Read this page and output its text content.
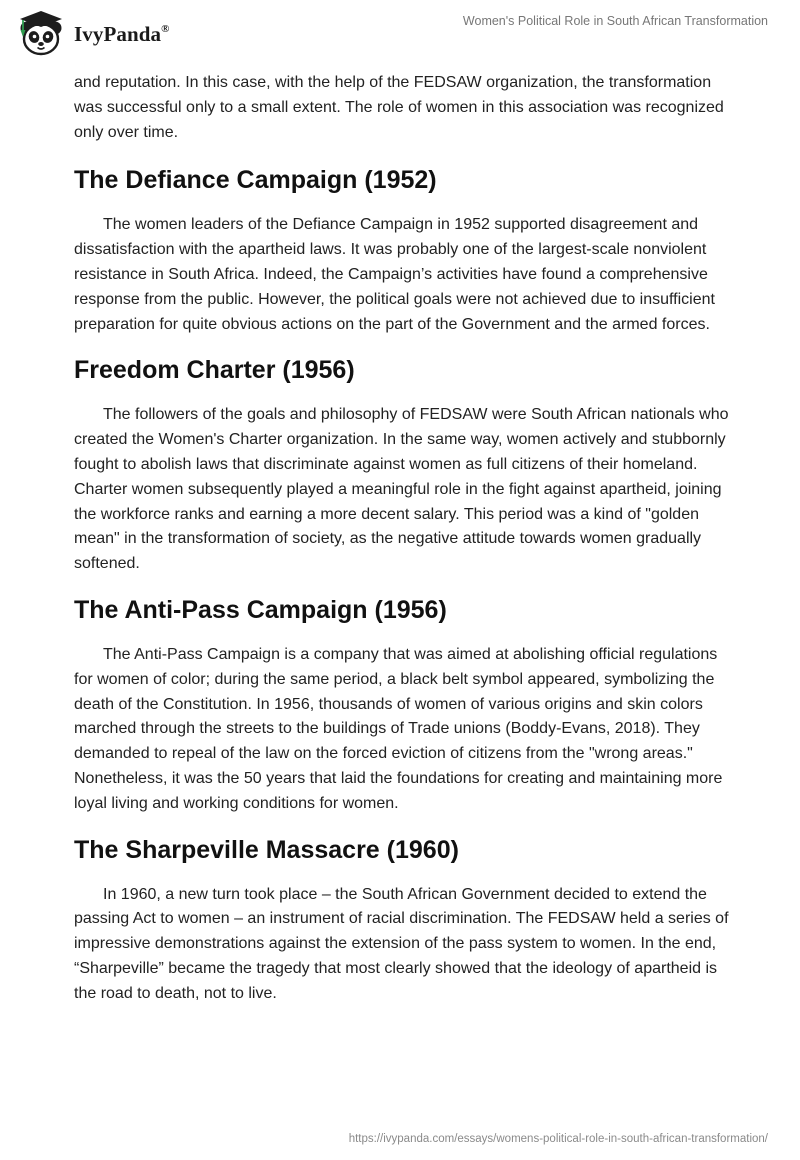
IvyPanda®
Women's Political Role in South African Transformation

and reputation. In this case, with the help of the FEDSAW organization, the transformation was successful only to a small extent. The role of women in this association was recognized only over time.

The Defiance Campaign (1952)

The women leaders of the Defiance Campaign in 1952 supported disagreement and dissatisfaction with the apartheid laws. It was probably one of the largest-scale nonviolent resistance in South Africa. Indeed, the Campaign’s activities have found a comprehensive response from the public. However, the political goals were not achieved due to insufficient preparation for quite obvious actions on the part of the Government and the armed forces.

Freedom Charter (1956)

The followers of the goals and philosophy of FEDSAW were South African nationals who created the Women's Charter organization. In the same way, women actively and stubbornly fought to abolish laws that discriminate against women as full citizens of their homeland. Charter women subsequently played a meaningful role in the fight against apartheid, joining the workforce ranks and earning a more decent salary. This period was a kind of "golden mean" in the transformation of society, as the negative attitude towards women gradually softened.

The Anti-Pass Campaign (1956)

The Anti-Pass Campaign is a company that was aimed at abolishing official regulations for women of color; during the same period, a black belt symbol appeared, symbolizing the death of the Constitution. In 1956, thousands of women of various origins and skin colors marched through the streets to the buildings of Trade unions (Boddy-Evans, 2018). They demanded to repeal of the law on the forced eviction of citizens from the "wrong areas." Nonetheless, it was the 50 years that laid the foundations for creating and maintaining more loyal living and working conditions for women.

The Sharpeville Massacre (1960)

In 1960, a new turn took place – the South African Government decided to extend the passing Act to women – an instrument of racial discrimination. The FEDSAW held a series of impressive demonstrations against the extension of the pass system to women. In the end, “Sharpeville” became the tragedy that most clearly showed that the ideology of apartheid is the road to death, not to live.

https://ivypanda.com/essays/womens-political-role-in-south-african-transformation/
